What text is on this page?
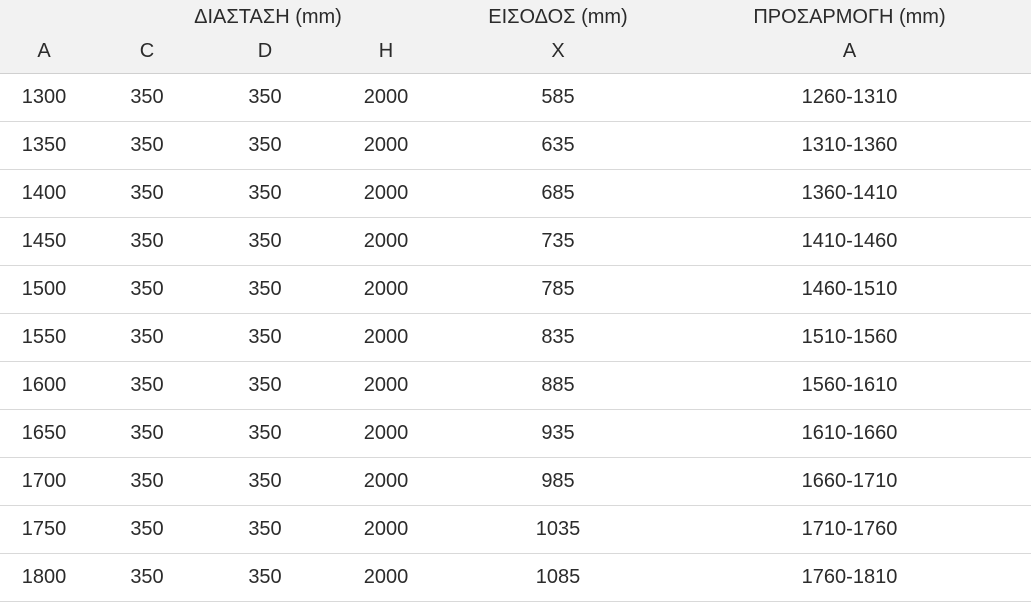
	ΔΙΑΣΤΑΣΗ (mm)			ΕΙΣΟΔΟΣ (mm)	ΠΡΟΣΑΡΜΟΓΗ (mm)
A	C	D	H	X	A
1300	350	350	2000	585	1260-1310
1350	350	350	2000	635	1310-1360
1400	350	350	2000	685	1360-1410
1450	350	350	2000	735	1410-1460
1500	350	350	2000	785	1460-1510
1550	350	350	2000	835	1510-1560
1600	350	350	2000	885	1560-1610
1650	350	350	2000	935	1610-1660
1700	350	350	2000	985	1660-1710
1750	350	350	2000	1035	1710-1760
1800	350	350	2000	1085	1760-1810
